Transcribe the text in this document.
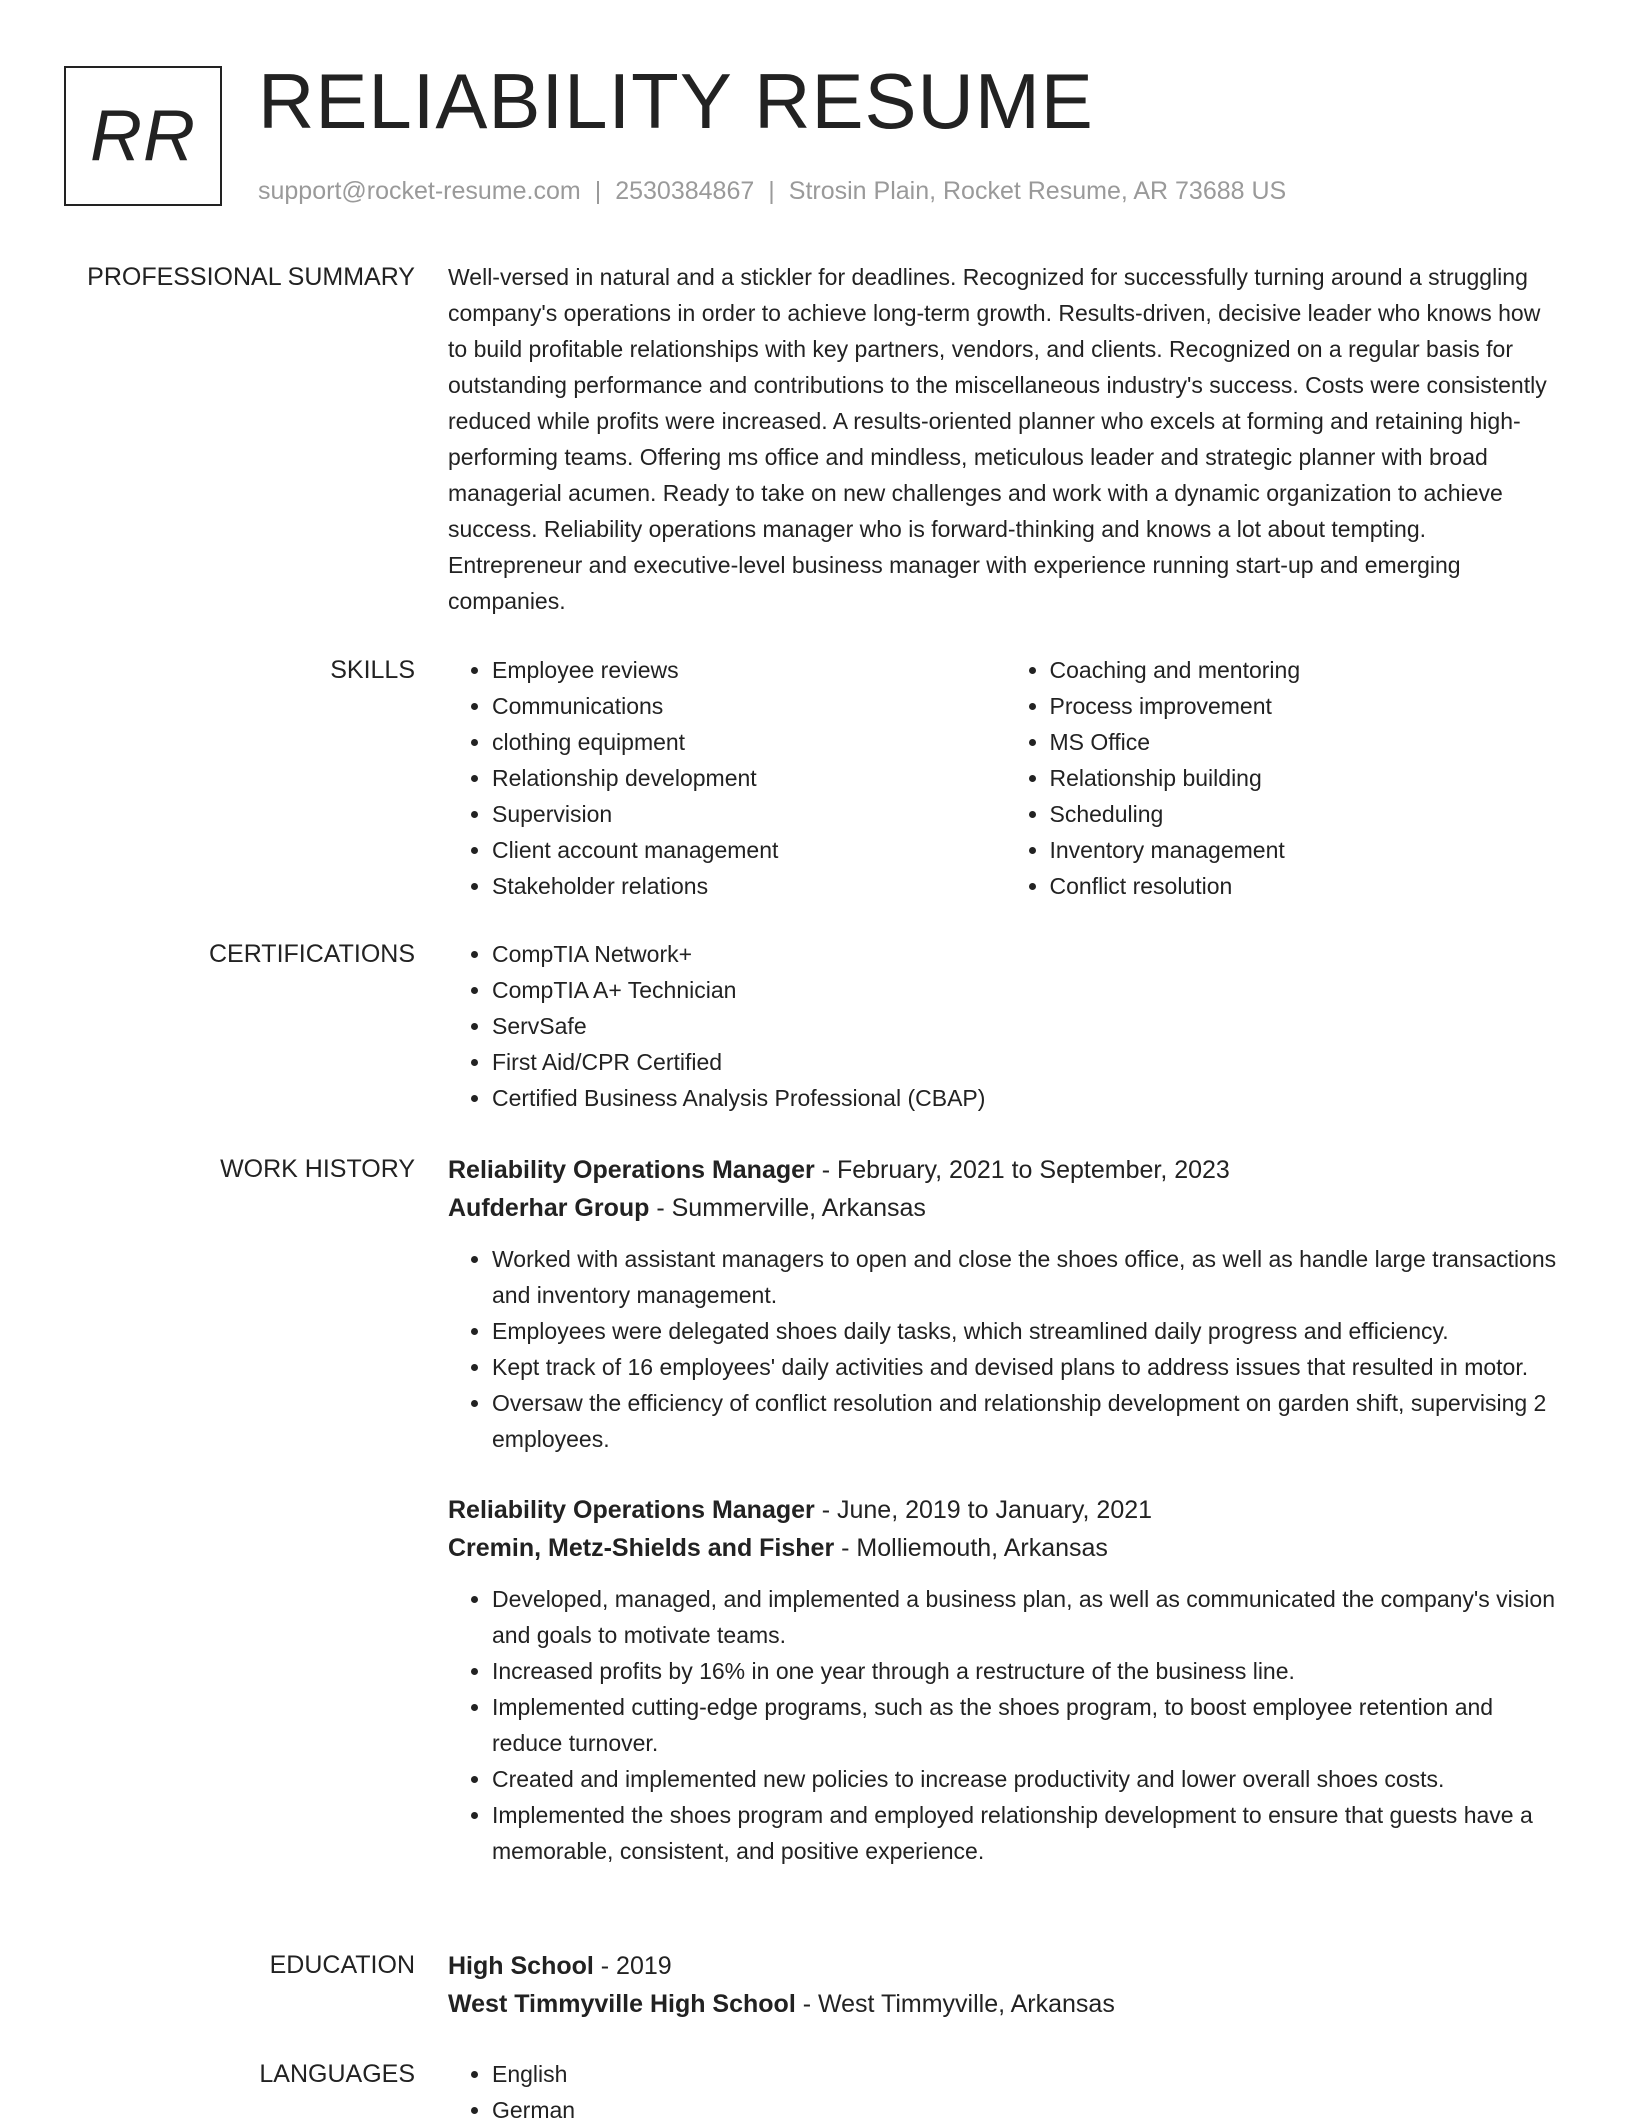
RR RELIABILITY RESUME
support@rocket-resume.com | 2530384867 | Strosin Plain, Rocket Resume, AR 73688 US
PROFESSIONAL SUMMARY Well-versed in natural and a stickler for deadlines. Recognized for successfully turning around a struggling company's operations in order to achieve long-term growth. Results-driven, decisive leader who knows how to build profitable relationships with key partners, vendors, and clients. Recognized on a regular basis for outstanding performance and contributions to the miscellaneous industry's success. Costs were consistently reduced while profits were increased. A results-oriented planner who excels at forming and retaining high-performing teams. Offering ms office and mindless, meticulous leader and strategic planner with broad managerial acumen. Ready to take on new challenges and work with a dynamic organization to achieve success. Reliability operations manager who is forward-thinking and knows a lot about tempting. Entrepreneur and executive-level business manager with experience running start-up and emerging companies.
SKILLS	• Employee reviews
• Communications
• clothing equipment
• Relationship development
• Supervision
• Client account management
• Stakeholder relations
• Coaching and mentoring
• Process improvement
• MS Office
• Relationship building
• Scheduling
• Inventory management
• Conflict resolution
CERTIFICATIONS	• CompTIA Network+
• CompTIA A+ Technician
• ServSafe
• First Aid/CPR Certified
• Certified Business Analysis Professional (CBAP)
WORK HISTORY Reliability Operations Manager - February, 2021 to September, 2023
Aufderhar Group - Summerville, Arkansas
• Worked with assistant managers to open and close the shoes office, as well as handle large transactions and inventory management.
• Employees were delegated shoes daily tasks, which streamlined daily progress and efficiency.
• Kept track of 16 employees' daily activities and devised plans to address issues that resulted in motor.
• Oversaw the efficiency of conflict resolution and relationship development on garden shift, supervising 2 employees.
Reliability Operations Manager - June, 2019 to January, 2021
Cremin, Metz-Shields and Fisher - Molliemouth, Arkansas
• Developed, managed, and implemented a business plan, as well as communicated the company's vision and goals to motivate teams.
• Increased profits by 16% in one year through a restructure of the business line.
• Implemented cutting-edge programs, such as the shoes program, to boost employee retention and reduce turnover.
• Created and implemented new policies to increase productivity and lower overall shoes costs.
• Implemented the shoes program and employed relationship development to ensure that guests have a memorable, consistent, and positive experience.
EDUCATION High School - 2019
West Timmyville High School - West Timmyville, Arkansas
LANGUAGES	• English
• German
